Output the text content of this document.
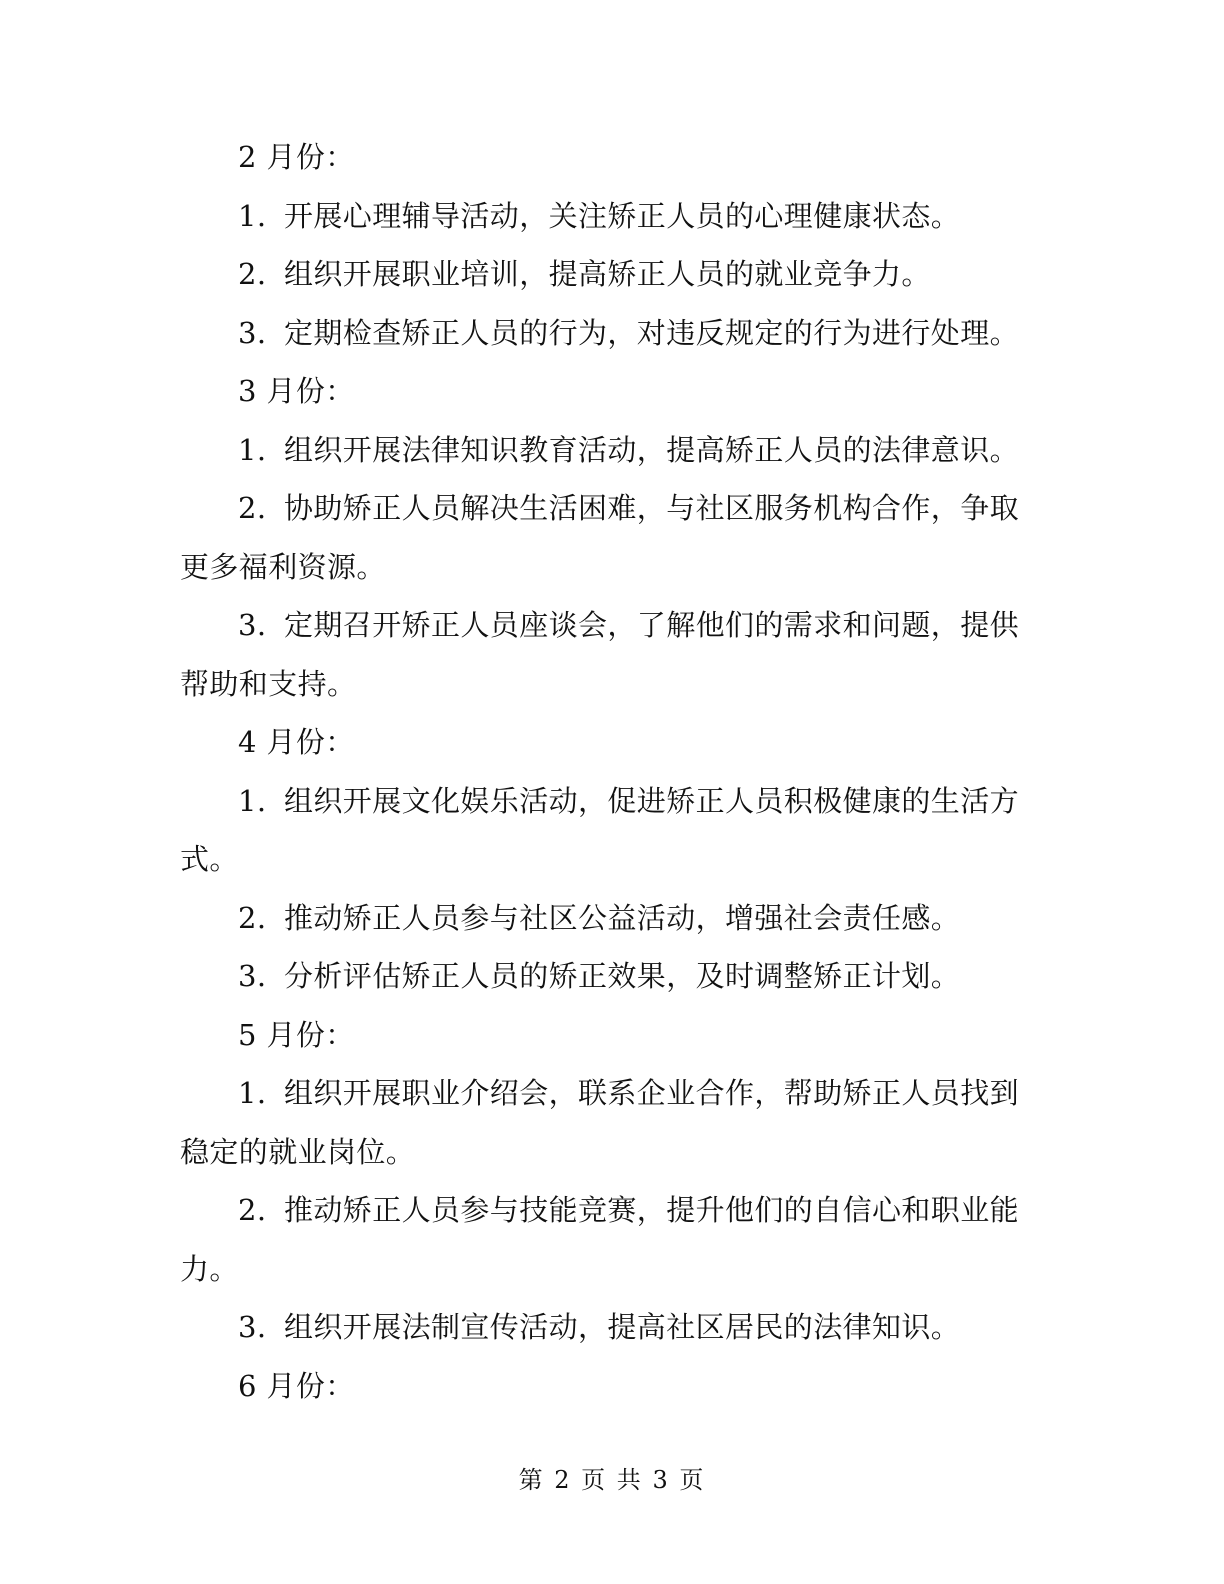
2 月份：

1. 开展心理辅导活动，关注矫正人员的心理健康状态。

2. 组织开展职业培训，提高矫正人员的就业竞争力。

3. 定期检查矫正人员的行为，对违反规定的行为进行处理。

3 月份：

1. 组织开展法律知识教育活动，提高矫正人员的法律意识。

2. 协助矫正人员解决生活困难，与社区服务机构合作，争取更多福利资源。

3. 定期召开矫正人员座谈会，了解他们的需求和问题，提供帮助和支持。

4 月份：

1. 组织开展文化娱乐活动，促进矫正人员积极健康的生活方式。

2. 推动矫正人员参与社区公益活动，增强社会责任感。

3. 分析评估矫正人员的矫正效果，及时调整矫正计划。

5 月份：

1. 组织开展职业介绍会，联系企业合作，帮助矫正人员找到稳定的就业岗位。

2. 推动矫正人员参与技能竞赛，提升他们的自信心和职业能力。

3. 组织开展法制宣传活动，提高社区居民的法律知识。

6 月份：

第 2 页 共 3 页
